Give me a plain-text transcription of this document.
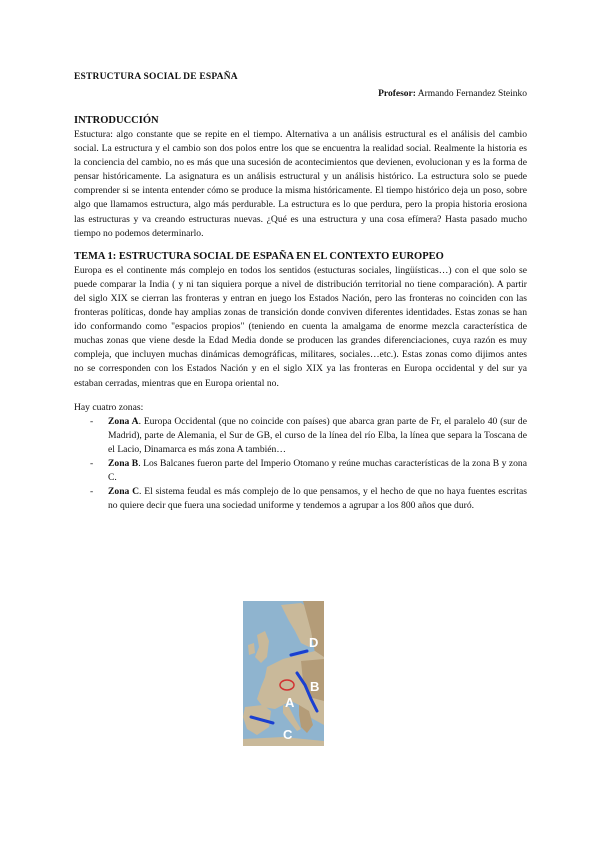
ESTRUCTURA SOCIAL DE ESPAÑA
Profesor: Armando Fernandez Steinko
INTRODUCCIÓN

Estuctura: algo constante que se repite en el tiempo. Alternativa a un análisis estructural es el análisis del cambio social. La estructura y el cambio son dos polos entre los que se encuentra la realidad social. Realmente la historia es la conciencia del cambio, no es más que una sucesión de acontecimientos que devienen, evolucionan y es la forma de pensar históricamente. La asignatura es un análisis estructural y un análisis histórico. La estructura solo se puede comprender si se intenta entender cómo se produce la misma históricamente. El tiempo histórico deja un poso, sobre algo que llamamos estructura, algo más perdurable. La estructura es lo que perdura, pero la propia historia erosiona las estructuras y va creando estructuras nuevas. ¿Qué es una estructura y una cosa efímera? Hasta pasado mucho tiempo no podemos determinarlo.

TEMA 1: ESTRUCTURA SOCIAL DE ESPAÑA EN EL CONTEXTO EUROPEO

Europa es el continente más complejo en todos los sentidos (estucturas sociales, lingüísticas…) con el que solo se puede comparar la India ( y ni tan siquiera porque a nivel de distribución territorial no tiene comparación). A partir del siglo XIX se cierran las fronteras y entran en juego los Estados Nación, pero las fronteras no coinciden con las fronteras políticas, donde hay amplias zonas de transición donde conviven diferentes identidades. Estas zonas se han ido conformando como "espacios propios" (teniendo en cuenta la amalgama de enorme mezcla característica de muchas zonas que viene desde la Edad Media donde se producen las grandes diferenciaciones, cuya razón es muy compleja, que incluyen muchas dinámicas demográficas, militares, sociales…etc.). Estas zonas como dijimos antes no se corresponden con los Estados Nación y en el siglo XIX ya las fronteras en Europa occidental y del sur ya estaban cerradas, mientras que en Europa oriental no.

Hay cuatro zonas:

- Zona A. Europa Occidental (que no coincide con países) que abarca gran parte de Fr, el paralelo 40 (sur de Madrid), parte de Alemania, el Sur de GB, el curso de la línea del río Elba, la línea que separa la Toscana de el Lacio, Dinamarca es más zona A también…
- Zona B. Los Balcanes fueron parte del Imperio Otomano y reúne muchas características de la zona B y zona C.
- Zona C. El sistema feudal es más complejo de lo que pensamos, y el hecho de que no haya fuentes escritas no quiere decir que fuera una sociedad uniforme y tendemos a agrupar a los 800 años que duró.
D
B
A
C
